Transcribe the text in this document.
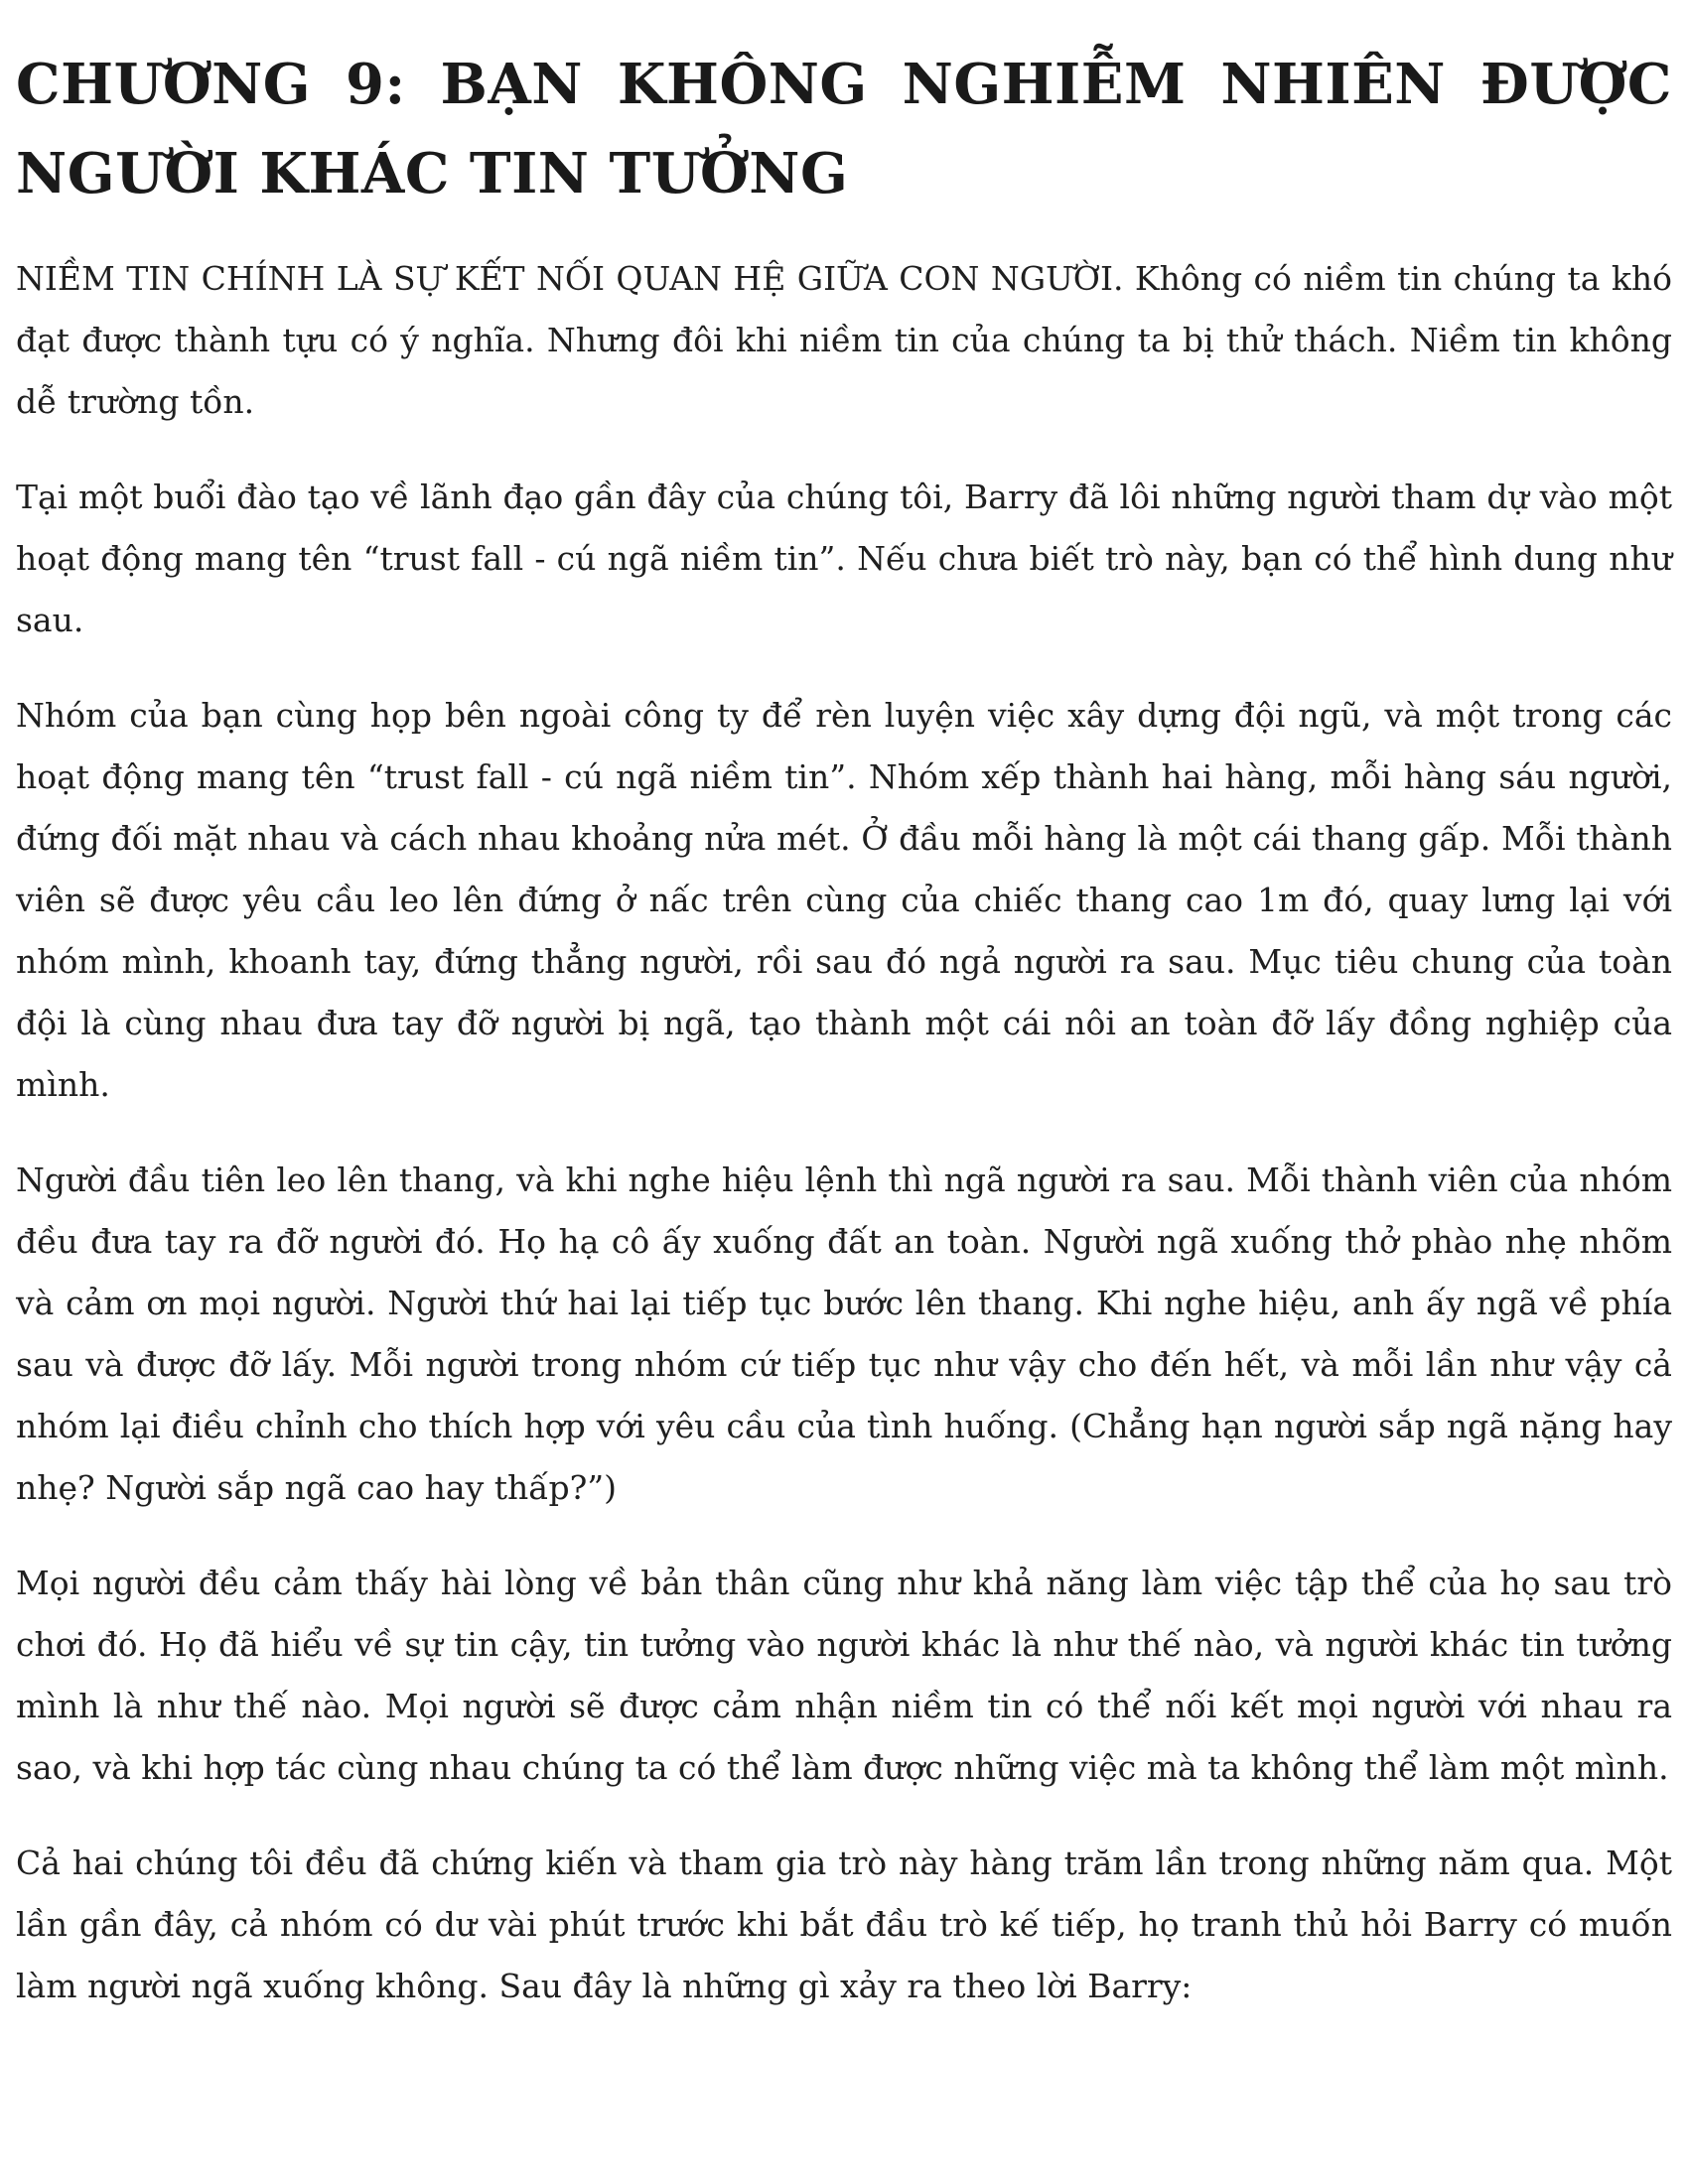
CHƯƠNG 9: BẠN KHÔNG NGHIỄM NHIÊN ĐƯỢC NGƯỜI KHÁC TIN TƯỞNG

NIỀM TIN CHÍNH LÀ SỰ KẾT NỐI QUAN HỆ GIỮA CON NGƯỜI. Không có niềm tin chúng ta khó đạt được thành tựu có ý nghĩa. Nhưng đôi khi niềm tin của chúng ta bị thử thách. Niềm tin không dễ trường tồn.

Tại một buổi đào tạo về lãnh đạo gần đây của chúng tôi, Barry đã lôi những người tham dự vào một hoạt động mang tên “trust fall - cú ngã niềm tin”. Nếu chưa biết trò này, bạn có thể hình dung như sau.

Nhóm của bạn cùng họp bên ngoài công ty để rèn luyện việc xây dựng đội ngũ, và một trong các hoạt động mang tên “trust fall - cú ngã niềm tin”. Nhóm xếp thành hai hàng, mỗi hàng sáu người, đứng đối mặt nhau và cách nhau khoảng nửa mét. Ở đầu mỗi hàng là một cái thang gấp. Mỗi thành viên sẽ được yêu cầu leo lên đứng ở nấc trên cùng của chiếc thang cao 1m đó, quay lưng lại với nhóm mình, khoanh tay, đứng thẳng người, rồi sau đó ngả người ra sau. Mục tiêu chung của toàn đội là cùng nhau đưa tay đỡ người bị ngã, tạo thành một cái nôi an toàn đỡ lấy đồng nghiệp của mình.

Người đầu tiên leo lên thang, và khi nghe hiệu lệnh thì ngã người ra sau. Mỗi thành viên của nhóm đều đưa tay ra đỡ người đó. Họ hạ cô ấy xuống đất an toàn. Người ngã xuống thở phào nhẹ nhõm và cảm ơn mọi người. Người thứ hai lại tiếp tục bước lên thang. Khi nghe hiệu, anh ấy ngã về phía sau và được đỡ lấy. Mỗi người trong nhóm cứ tiếp tục như vậy cho đến hết, và mỗi lần như vậy cả nhóm lại điều chỉnh cho thích hợp với yêu cầu của tình huống. (Chẳng hạn người sắp ngã nặng hay nhẹ? Người sắp ngã cao hay thấp?”)

Mọi người đều cảm thấy hài lòng về bản thân cũng như khả năng làm việc tập thể của họ sau trò chơi đó. Họ đã hiểu về sự tin cậy, tin tưởng vào người khác là như thế nào, và người khác tin tưởng mình là như thế nào. Mọi người sẽ được cảm nhận niềm tin có thể nối kết mọi người với nhau ra sao, và khi hợp tác cùng nhau chúng ta có thể làm được những việc mà ta không thể làm một mình.

Cả hai chúng tôi đều đã chứng kiến và tham gia trò này hàng trăm lần trong những năm qua. Một lần gần đây, cả nhóm có dư vài phút trước khi bắt đầu trò kế tiếp, họ tranh thủ hỏi Barry có muốn làm người ngã xuống không. Sau đây là những gì xảy ra theo lời Barry:
